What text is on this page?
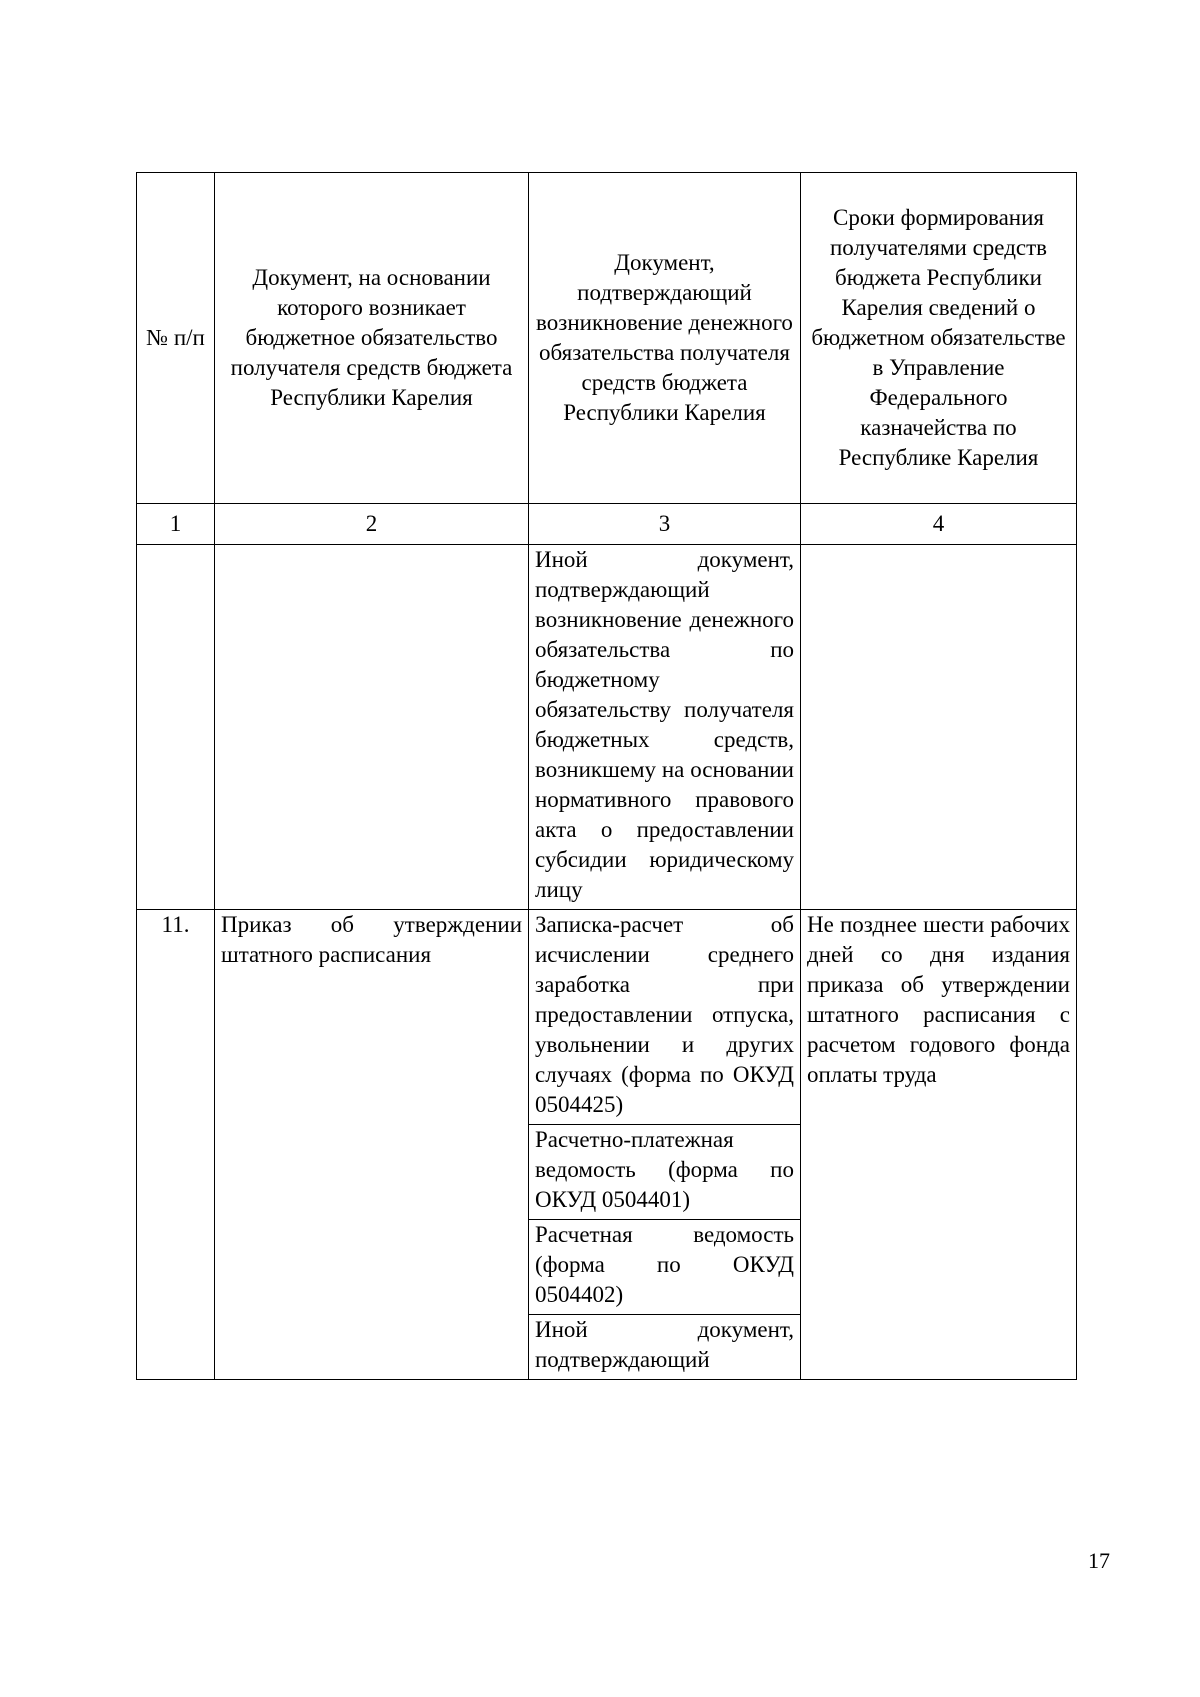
№ п/п	Документ, на основании которого возникает бюджетное обязательство получателя средств бюджета Республики Карелия	Документ, подтверждающий возникновение денежного обязательства получателя средств бюджета Республики Карелия	Сроки формирования получателями средств бюджета Республики Карелия сведений о бюджетном обязательстве в Управление Федерального казначейства по Республике Карелия
1	2	3	4
		Иной документ, подтверждающий возникновение денежного обязательства по бюджетному обязательству получателя бюджетных средств, возникшему на основании нормативного правового акта о предоставлении субсидии юридическому лицу	
11.	Приказ об утверждении штатного расписания	Записка-расчет об исчислении среднего заработка при предоставлении отпуска, увольнении и других случаях (форма по ОКУД 0504425)	Не позднее шести рабочих дней со дня издания приказа об утверждении штатного расписания с расчетом годового фонда оплаты труда
		Расчетно-платежная ведомость (форма по ОКУД 0504401)	
		Расчетная ведомость (форма по ОКУД 0504402)	
		Иной документ, подтверждающий	
17
